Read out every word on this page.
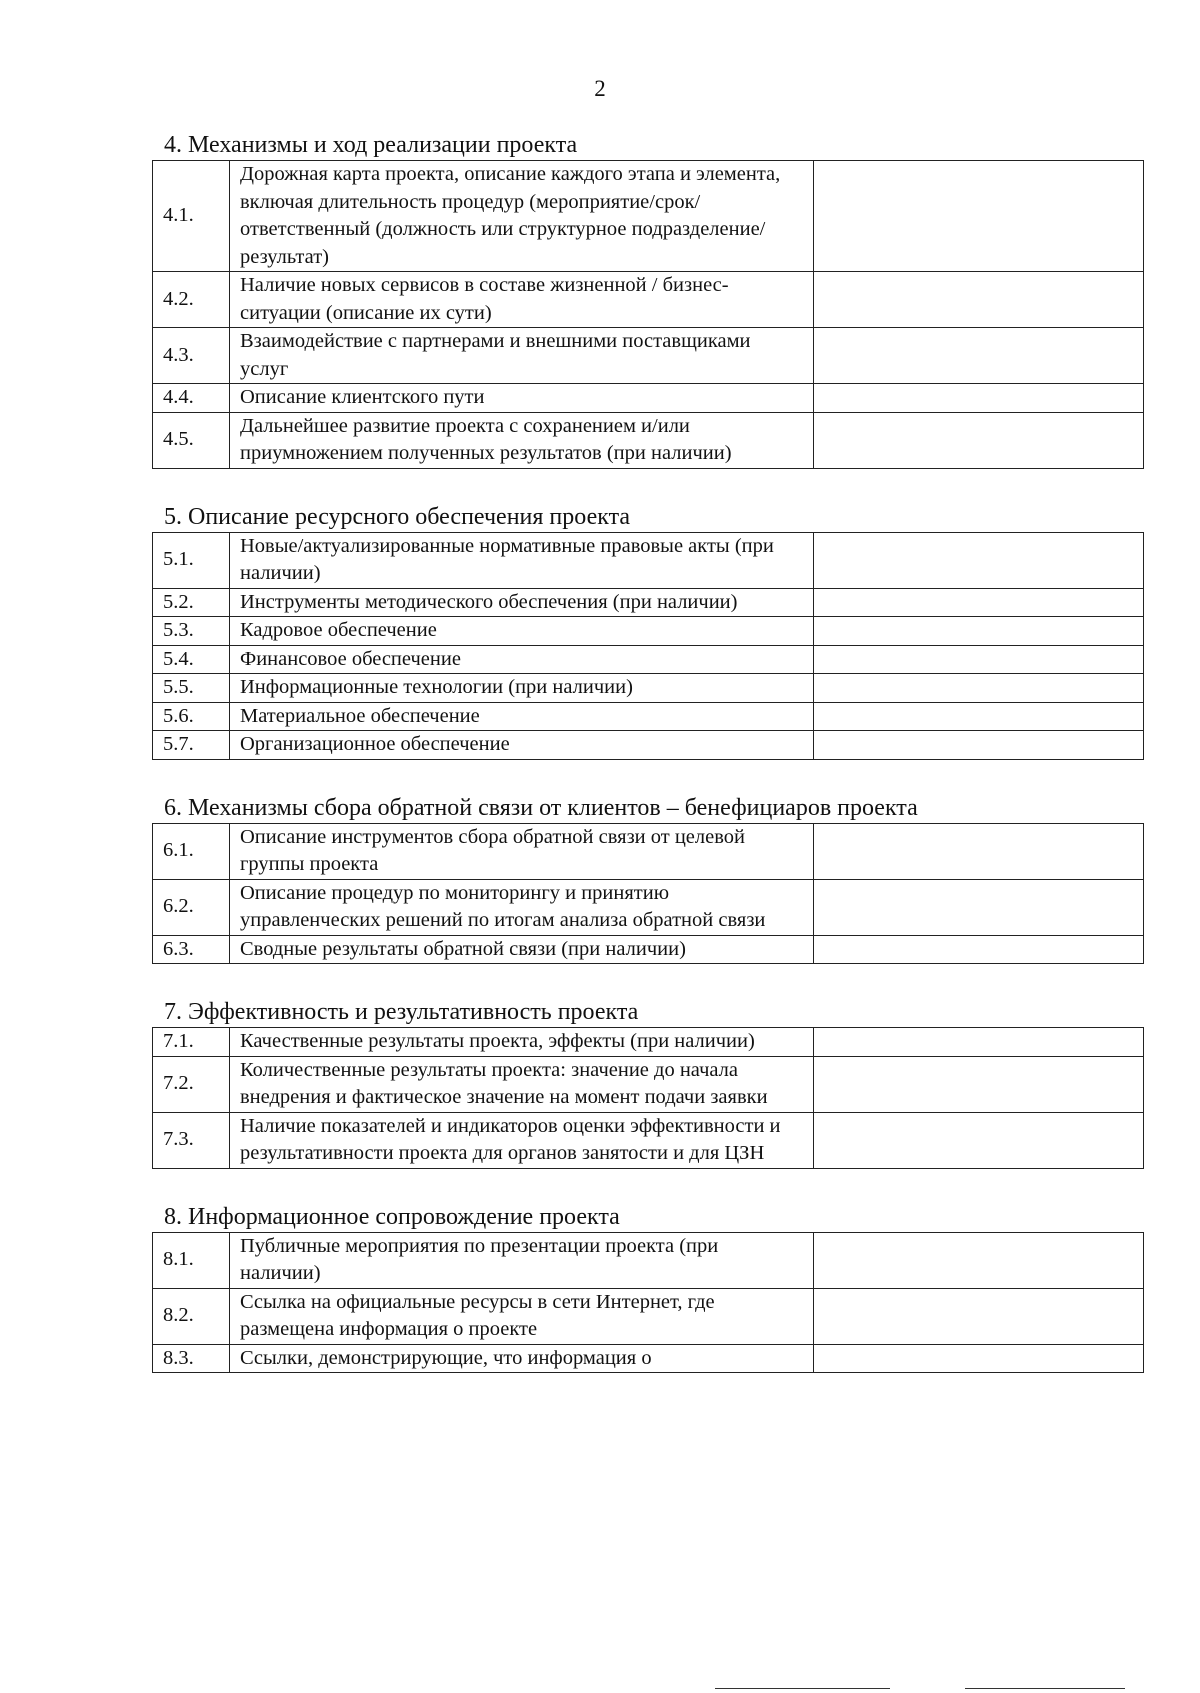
2
4. Механизмы и ход реализации проекта
4.1.	Дорожная карта проекта, описание каждого этапа и элемента, включая длительность процедур (мероприятие/срок/ответственный (должность или структурное подразделение/результат)	
4.2.	Наличие новых сервисов в составе жизненной / бизнес-ситуации (описание их сути)	
4.3.	Взаимодействие с партнерами и внешними поставщиками услуг	
4.4.	Описание клиентского пути	
4.5.	Дальнейшее развитие проекта с сохранением и/или приумножением полученных результатов (при наличии)	
5. Описание ресурсного обеспечения проекта
5.1.	Новые/актуализированные нормативные правовые акты (при наличии)	
5.2.	Инструменты методического обеспечения (при наличии)	
5.3.	Кадровое обеспечение	
5.4.	Финансовое обеспечение	
5.5.	Информационные технологии (при наличии)	
5.6.	Материальное обеспечение	
5.7.	Организационное обеспечение	
6. Механизмы сбора обратной связи от клиентов – бенефициаров проекта
6.1.	Описание инструментов сбора обратной связи от целевой группы проекта	
6.2.	Описание процедур по мониторингу и принятию управленческих решений по итогам анализа обратной связи	
6.3.	Сводные результаты обратной связи (при наличии)	
7. Эффективность и результативность проекта
7.1.	Качественные результаты проекта, эффекты (при наличии)	
7.2.	Количественные результаты проекта: значение до начала внедрения и фактическое значение на момент подачи заявки	
7.3.	Наличие показателей и индикаторов оценки эффективности и результативности проекта для органов занятости и для ЦЗН	
8. Информационное сопровождение проекта
8.1.	Публичные мероприятия по презентации проекта (при наличии)	
8.2.	Ссылка на официальные ресурсы в сети Интернет, где размещена информация о проекте	
8.3.	Ссылки, демонстрирующие, что информация о	
